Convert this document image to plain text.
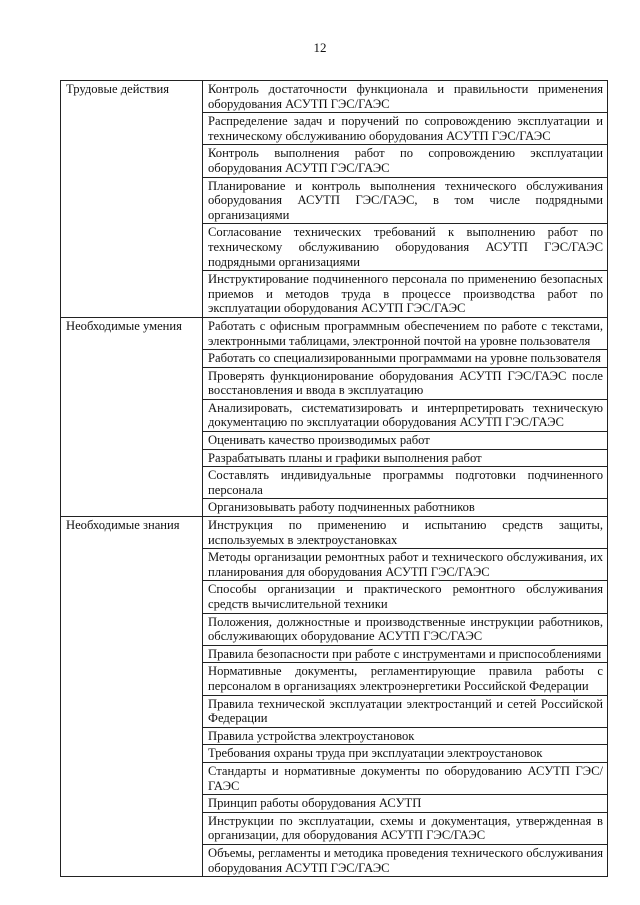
12
Трудовые действия	Контроль достаточности функционала и правильности применения оборудования АСУТП ГЭС/ГАЭС
	Распределение задач и поручений по сопровождению эксплуатации и техническому обслуживанию оборудования АСУТП ГЭС/ГАЭС
	Контроль выполнения работ по сопровождению эксплуатации оборудования АСУТП ГЭС/ГАЭС
	Планирование и контроль выполнения технического обслуживания оборудования АСУТП ГЭС/ГАЭС, в том числе подрядными организациями
	Согласование технических требований к выполнению работ по техническому обслуживанию оборудования АСУТП ГЭС/ГАЭС подрядными организациями
	Инструктирование подчиненного персонала по применению безопасных приемов и методов труда в процессе производства работ по эксплуатации оборудования АСУТП ГЭС/ГАЭС
Необходимые умения	Работать с офисным программным обеспечением по работе с текстами, электронными таблицами, электронной почтой на уровне пользователя
	Работать со специализированными программами на уровне пользователя
	Проверять функционирование оборудования АСУТП ГЭС/ГАЭС после восстановления и ввода в эксплуатацию
	Анализировать, систематизировать и интерпретировать техническую документацию по эксплуатации оборудования АСУТП ГЭС/ГАЭС
	Оценивать качество производимых работ
	Разрабатывать планы и графики выполнения работ
	Составлять индивидуальные программы подготовки подчиненного персонала
	Организовывать работу подчиненных работников
Необходимые знания	Инструкция по применению и испытанию средств защиты, используемых в электроустановках
	Методы организации ремонтных работ и технического обслуживания, их планирования для оборудования АСУТП ГЭС/ГАЭС
	Способы организации и практического ремонтного обслуживания средств вычислительной техники
	Положения, должностные и производственные инструкции работников, обслуживающих оборудование АСУТП ГЭС/ГАЭС
	Правила безопасности при работе с инструментами и приспособлениями
	Нормативные документы, регламентирующие правила работы с персоналом в организациях электроэнергетики Российской Федерации
	Правила технической эксплуатации электростанций и сетей Российской Федерации
	Правила устройства электроустановок
	Требования охраны труда при эксплуатации электроустановок
	Стандарты и нормативные документы по оборудованию АСУТП ГЭС/ГАЭС
	Принцип работы оборудования АСУТП
	Инструкции по эксплуатации, схемы и документация, утвержденная в организации, для оборудования АСУТП ГЭС/ГАЭС
	Объемы, регламенты и методика проведения технического обслуживания оборудования АСУТП ГЭС/ГАЭС
